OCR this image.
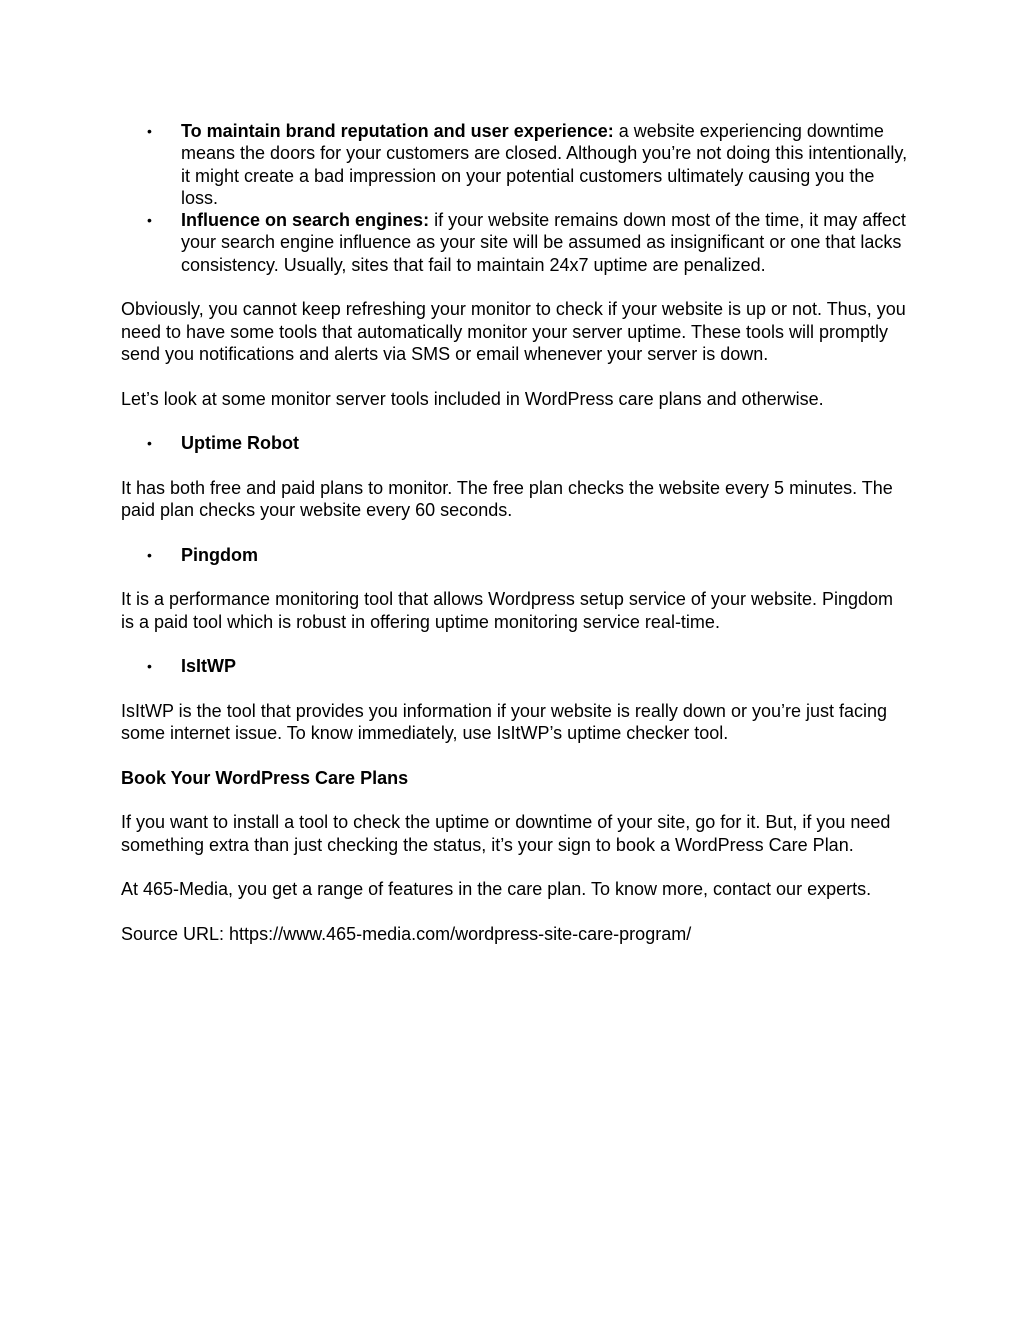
• To maintain brand reputation and user experience: a website experiencing downtime means the doors for your customers are closed. Although you’re not doing this intentionally, it might create a bad impression on your potential customers ultimately causing you the loss.
• Influence on search engines: if your website remains down most of the time, it may affect your search engine influence as your site will be assumed as insignificant or one that lacks consistency. Usually, sites that fail to maintain 24x7 uptime are penalized.

Obviously, you cannot keep refreshing your monitor to check if your website is up or not. Thus, you need to have some tools that automatically monitor your server uptime. These tools will promptly send you notifications and alerts via SMS or email whenever your server is down.

Let’s look at some monitor server tools included in WordPress care plans and otherwise.

• Uptime Robot

It has both free and paid plans to monitor. The free plan checks the website every 5 minutes. The paid plan checks your website every 60 seconds.

• Pingdom

It is a performance monitoring tool that allows Wordpress setup service of your website. Pingdom is a paid tool which is robust in offering uptime monitoring service real-time.

• IsItWP

IsItWP is the tool that provides you information if your website is really down or you’re just facing some internet issue. To know immediately, use IsItWP’s uptime checker tool.

Book Your WordPress Care Plans

If you want to install a tool to check the uptime or downtime of your site, go for it. But, if you need something extra than just checking the status, it’s your sign to book a WordPress Care Plan.

At 465-Media, you get a range of features in the care plan. To know more, contact our experts.

Source URL: https://www.465-media.com/wordpress-site-care-program/
